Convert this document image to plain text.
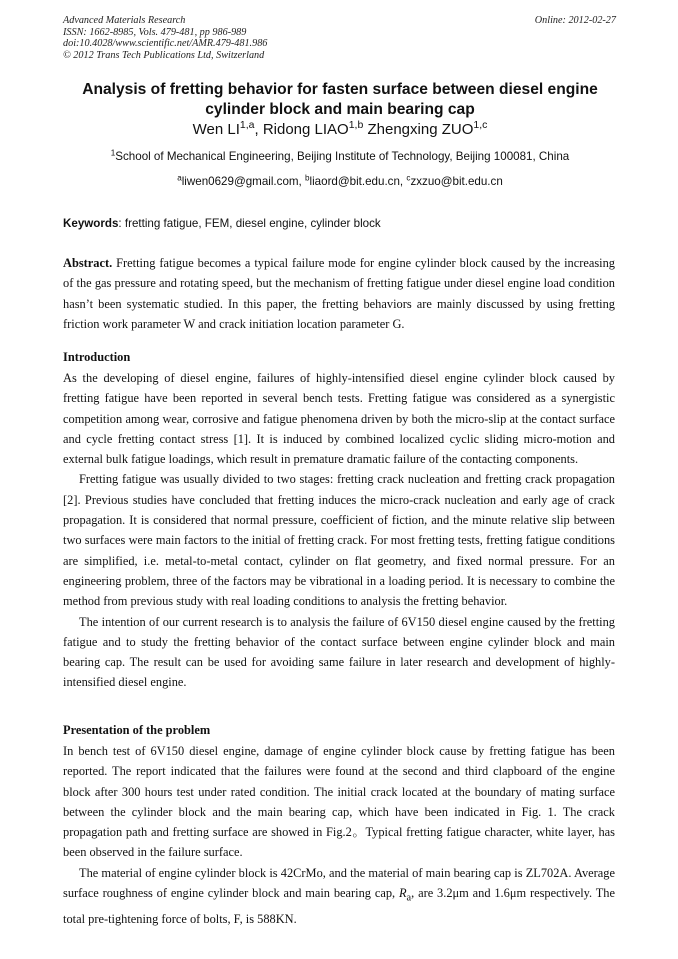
Advanced Materials Research
ISSN: 1662-8985, Vols. 479-481, pp 986-989
doi:10.4028/www.scientific.net/AMR.479-481.986
© 2012 Trans Tech Publications Ltd, Switzerland
Online: 2012-02-27
Analysis of fretting behavior for fasten surface between diesel engine
cylinder block and main bearing cap
Wen LI$^{1,a}$, Ridong LIAO$^{1,b}$ Zhengxing ZUO$^{1,c}$
$^1$School of Mechanical Engineering, Beijing Institute of Technology, Beijing 100081, China
$^a$liwen0629@gmail.com, $^b$liaord@bit.edu.cn, $^c$zxzuo@bit.edu.cn
Keywords: fretting fatigue, FEM, diesel engine, cylinder block

Abstract. Fretting fatigue becomes a typical failure mode for engine cylinder block caused by the increasing of the gas pressure and rotating speed, but the mechanism of fretting fatigue under diesel engine load condition hasn’t been systematic studied. In this paper, the fretting behaviors are mainly discussed by using fretting friction work parameter W and crack initiation location parameter G.

Introduction

As the developing of diesel engine, failures of highly-intensified diesel engine cylinder block caused by fretting fatigue have been reported in several bench tests. Fretting fatigue was considered as a synergistic competition among wear, corrosive and fatigue phenomena driven by both the micro-slip at the contact surface and cycle fretting contact stress [1]. It is induced by combined localized cyclic sliding micro-motion and external bulk fatigue loadings, which result in premature dramatic failure of the contacting components.

Fretting fatigue was usually divided to two stages: fretting crack nucleation and fretting crack propagation [2]. Previous studies have concluded that fretting induces the micro-crack nucleation and early age of crack propagation. It is considered that normal pressure, coefficient of fiction, and the minute relative slip between two surfaces were main factors to the initial of fretting crack. For most fretting tests, fretting fatigue conditions are simplified, i.e. metal-to-metal contact, cylinder on flat geometry, and fixed normal pressure. For an engineering problem, three of the factors may be vibrational in a loading period. It is necessary to combine the method from previous study with real loading conditions to analysis the fretting behavior.

The intention of our current research is to analysis the failure of 6V150 diesel engine caused by the fretting fatigue and to study the fretting behavior of the contact surface between engine cylinder block and main bearing cap. The result can be used for avoiding same failure in later research and development of highly-intensified diesel engine.

Presentation of the problem

In bench test of 6V150 diesel engine, damage of engine cylinder block cause by fretting fatigue has been reported. The report indicated that the failures were found at the second and third clapboard of the engine block after 300 hours test under rated condition. The initial crack located at the boundary of mating surface between the cylinder block and the main bearing cap, which have been indicated in Fig. 1. The crack propagation path and fretting surface are showed in Fig.2。Typical fretting fatigue character, white layer, has been observed in the failure surface.

The material of engine cylinder block is 42CrMo, and the material of main bearing cap is ZL702A. Average surface roughness of engine cylinder block and main bearing cap, $R_a$, are 3.2μm and 1.6μm respectively. The total pre-tightening force of bolts, F, is 588KN.
